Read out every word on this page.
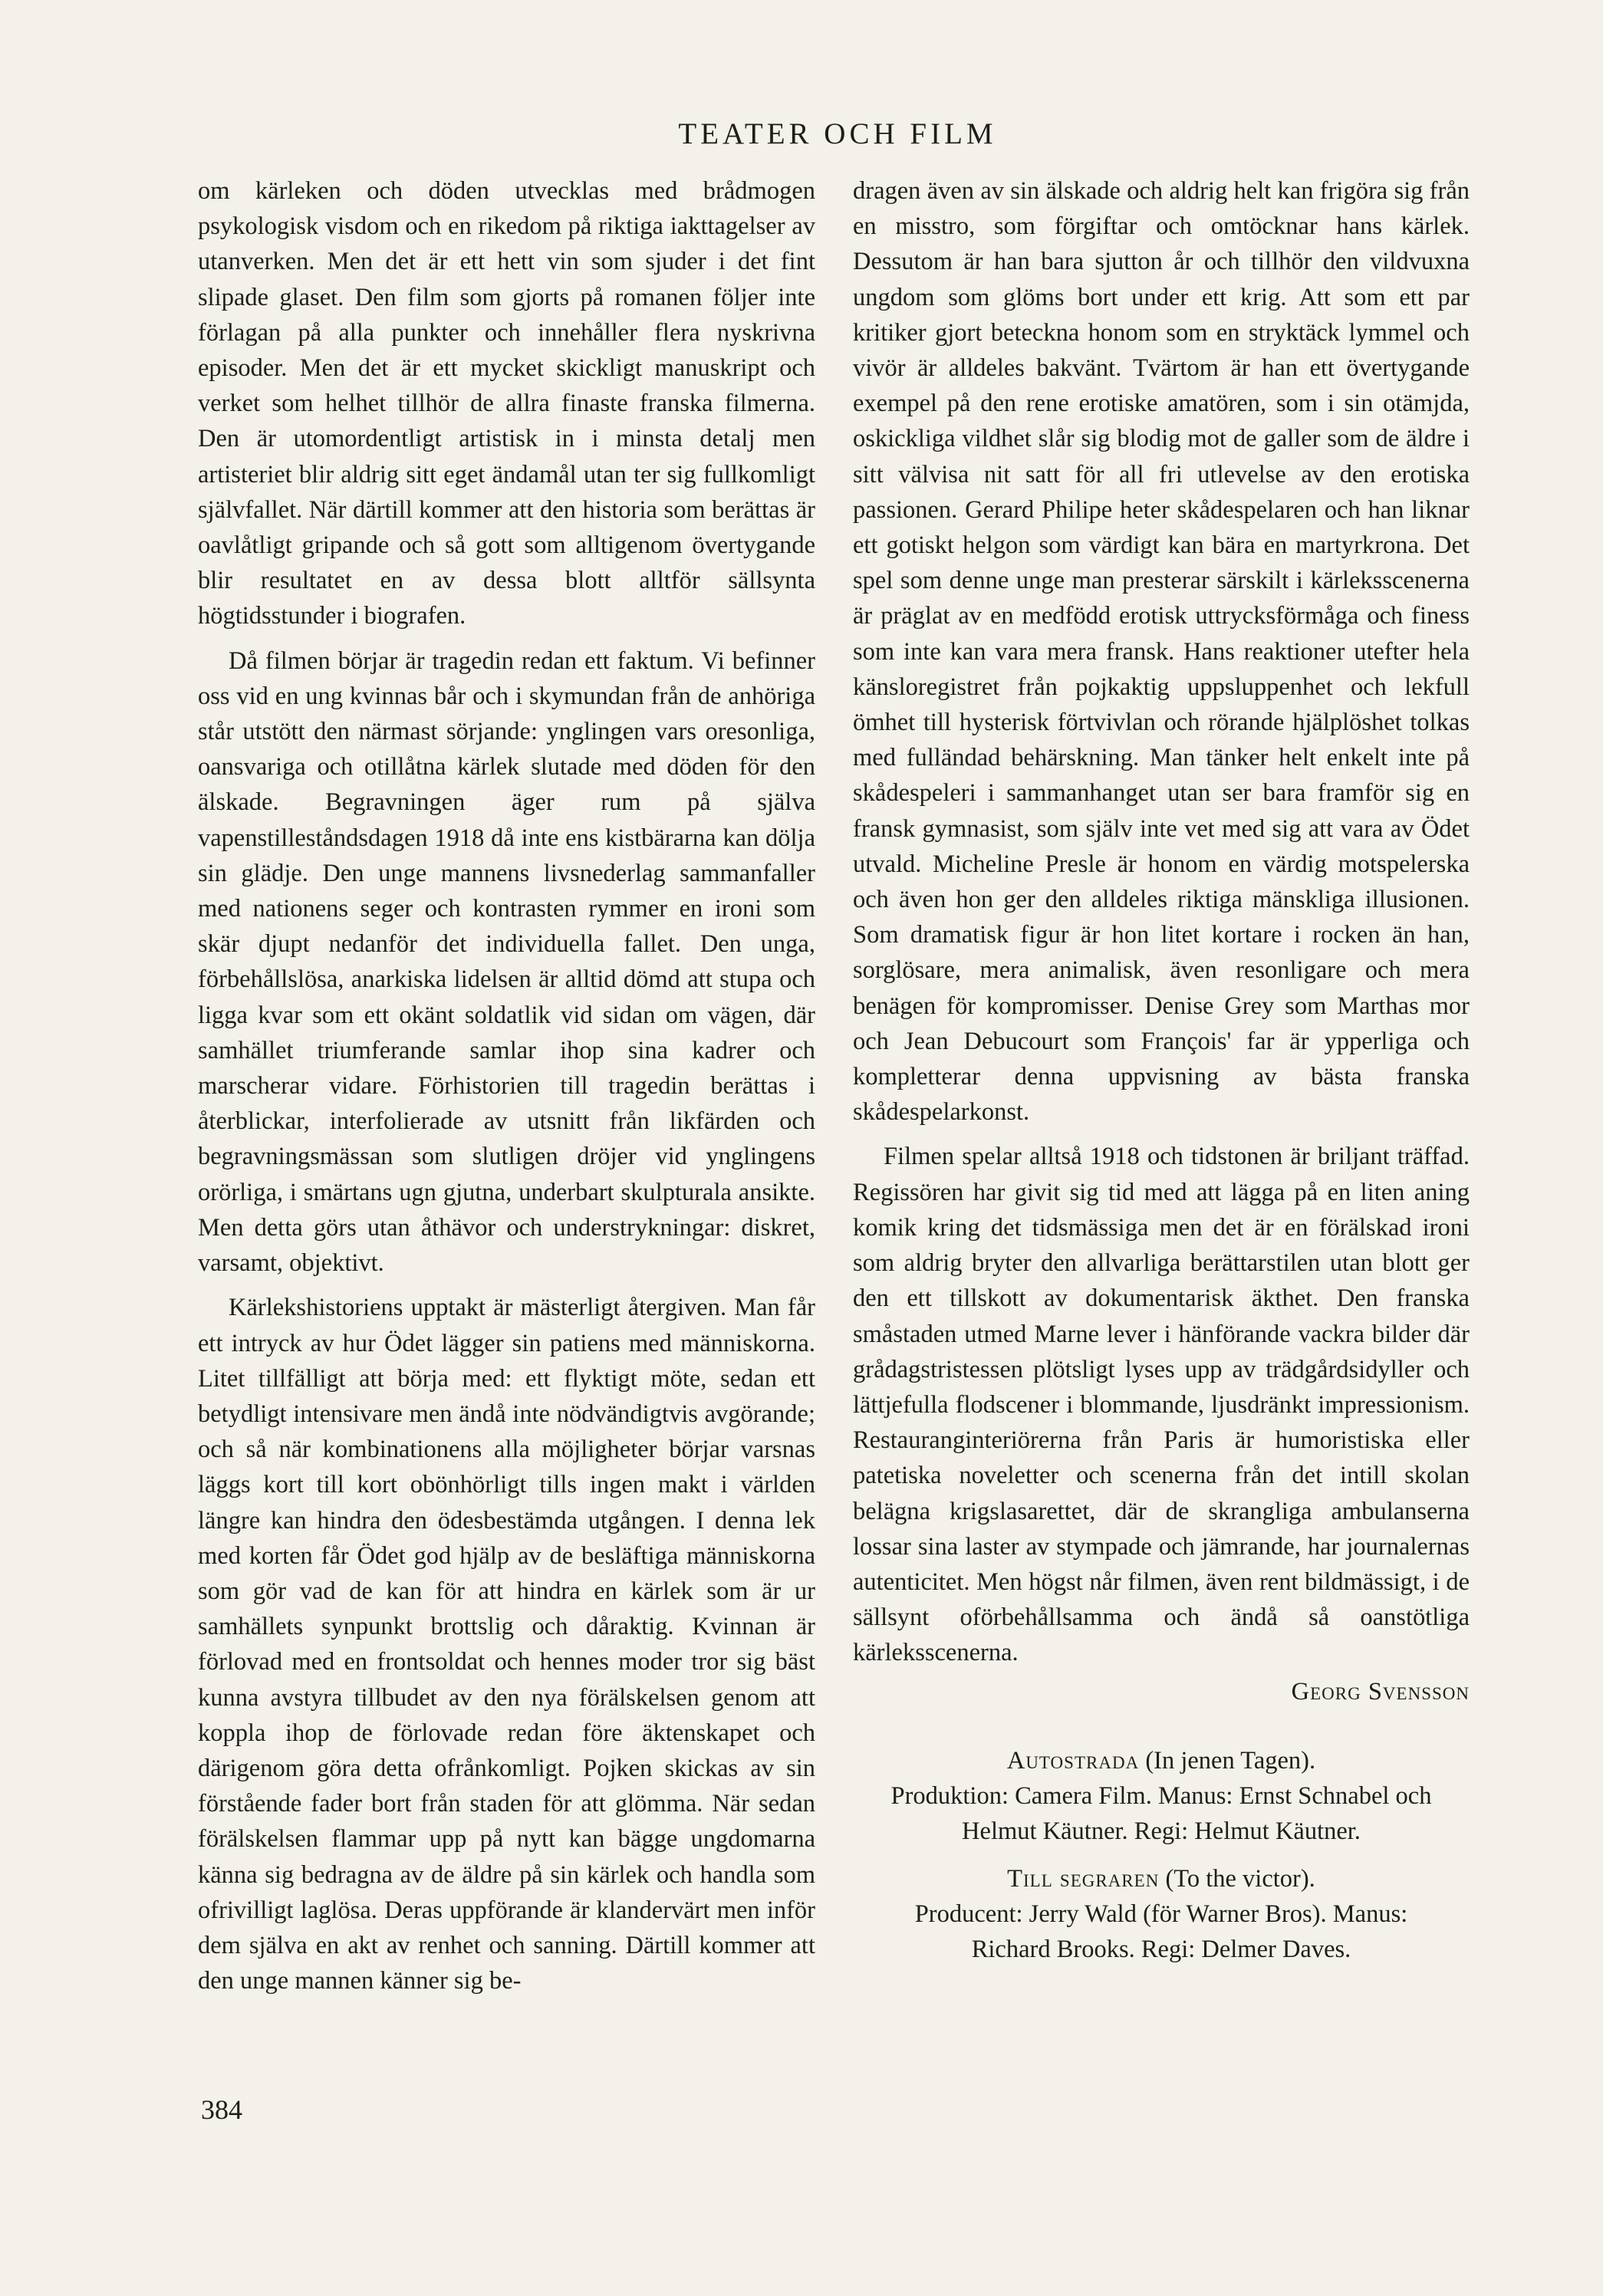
TEATER OCH FILM

om kärleken och döden utvecklas med brådmogen psykologisk visdom och en rikedom på riktiga iakttagelser av utanverken. Men det är ett hett vin som sjuder i det fint slipade glaset. Den film som gjorts på romanen följer inte förlagan på alla punkter och innehåller flera nyskrivna episoder. Men det är ett mycket skickligt manuskript och verket som helhet tillhör de allra finaste franska filmerna. Den är utomordentligt artistisk in i minsta detalj men artisteriet blir aldrig sitt eget ändamål utan ter sig fullkomligt självfallet. När därtill kommer att den historia som berättas är oavlåtligt gripande och så gott som alltigenom övertygande blir resultatet en av dessa blott alltför sällsynta högtidsstunder i biografen.

Då filmen börjar är tragedin redan ett faktum. Vi befinner oss vid en ung kvinnas bår och i skymundan från de anhöriga står utstött den närmast sörjande: ynglingen vars oresonliga, oansvariga och otillåtna kärlek slutade med döden för den älskade. Begravningen äger rum på själva vapenstilleståndsdagen 1918 då inte ens kistbärarna kan dölja sin glädje. Den unge mannens livsnederlag sammanfaller med nationens seger och kontrasten rymmer en ironi som skär djupt nedanför det individuella fallet. Den unga, förbehållslösa, anarkiska lidelsen är alltid dömd att stupa och ligga kvar som ett okänt soldatlik vid sidan om vägen, där samhället triumferande samlar ihop sina kadrer och marscherar vidare. Förhistorien till tragedin berättas i återblickar, interfolierade av utsnitt från likfärden och begravningsmässan som slutligen dröjer vid ynglingens orörliga, i smärtans ugn gjutna, underbart skulpturala ansikte. Men detta görs utan åthävor och understrykningar: diskret, varsamt, objektivt.

Kärlekshistoriens upptakt är mästerligt återgiven. Man får ett intryck av hur Ödet lägger sin patiens med människorna. Litet tillfälligt att börja med: ett flyktigt möte, sedan ett betydligt intensivare men ändå inte nödvändigtvis avgörande; och så när kombinationens alla möjligheter börjar varsnas läggs kort till kort obönhörligt tills ingen makt i världen längre kan hindra den ödesbestämda utgången. I denna lek med korten får Ödet god hjälp av de besläftiga människorna som gör vad de kan för att hindra en kärlek som är ur samhällets synpunkt brottslig och dåraktig. Kvinnan är förlovad med en frontsoldat och hennes moder tror sig bäst kunna avstyra tillbudet av den nya förälskelsen genom att koppla ihop de förlovade redan före äktenskapet och därigenom göra detta ofrånkomligt. Pojken skickas av sin förstående fader bort från staden för att glömma. När sedan förälskelsen flammar upp på nytt kan bägge ungdomarna känna sig bedragna av de äldre på sin kärlek och handla som ofrivilligt laglösa. Deras uppförande är klandervärt men inför dem själva en akt av renhet och sanning. Därtill kommer att den unge mannen känner sig be-

dragen även av sin älskade och aldrig helt kan frigöra sig från en misstro, som förgiftar och omtöcknar hans kärlek. Dessutom är han bara sjutton år och tillhör den vildvuxna ungdom som glöms bort under ett krig. Att som ett par kritiker gjort beteckna honom som en stryktäck lymmel och vivör är alldeles bakvänt. Tvärtom är han ett övertygande exempel på den rene erotiske amatören, som i sin otämjda, oskickliga vildhet slår sig blodig mot de galler som de äldre i sitt välvisa nit satt för all fri utlevelse av den erotiska passionen. Gerard Philipe heter skådespelaren och han liknar ett gotiskt helgon som värdigt kan bära en martyrkrona. Det spel som denne unge man presterar särskilt i kärleksscenerna är präglat av en medfödd erotisk uttrycksförmåga och finess som inte kan vara mera fransk. Hans reaktioner utefter hela känsloregistret från pojkaktig uppsluppenhet och lekfull ömhet till hysterisk förtvivlan och rörande hjälplöshet tolkas med fulländad behärskning. Man tänker helt enkelt inte på skådespeleri i sammanhanget utan ser bara framför sig en fransk gymnasist, som själv inte vet med sig att vara av Ödet utvald. Micheline Presle är honom en värdig motspelerska och även hon ger den alldeles riktiga mänskliga illusionen. Som dramatisk figur är hon litet kortare i rocken än han, sorglösare, mera animalisk, även resonligare och mera benägen för kompromisser. Denise Grey som Marthas mor och Jean Debucourt som François' far är ypperliga och kompletterar denna uppvisning av bästa franska skådespelarkonst.

Filmen spelar alltså 1918 och tidstonen är briljant träffad. Regissören har givit sig tid med att lägga på en liten aning komik kring det tidsmässiga men det är en förälskad ironi som aldrig bryter den allvarliga berättarstilen utan blott ger den ett tillskott av dokumentarisk äkthet. Den franska småstaden utmed Marne lever i hänförande vackra bilder där grådagstristessen plötsligt lyses upp av trädgårdsidyller och lättjefulla flodscener i blommande, ljusdränkt impressionism. Restauranginteriörerna från Paris är humoristiska eller patetiska noveletter och scenerna från det intill skolan belägna krigslasarettet, där de skrangliga ambulanserna lossar sina laster av stympade och jämrande, har journalernas autenticitet. Men högst når filmen, även rent bildmässigt, i de sällsynt oförbehållsamma och ändå så oanstötliga kärleksscenerna.

Georg Svensson
Autostrada (In jenen Tagen).
Produktion: Camera Film. Manus: Ernst Schnabel och
Helmut Käutner. Regi: Helmut Käutner.
Till segraren (To the victor).
Producent: Jerry Wald (för Warner Bros). Manus:
Richard Brooks. Regi: Delmer Daves.
384
